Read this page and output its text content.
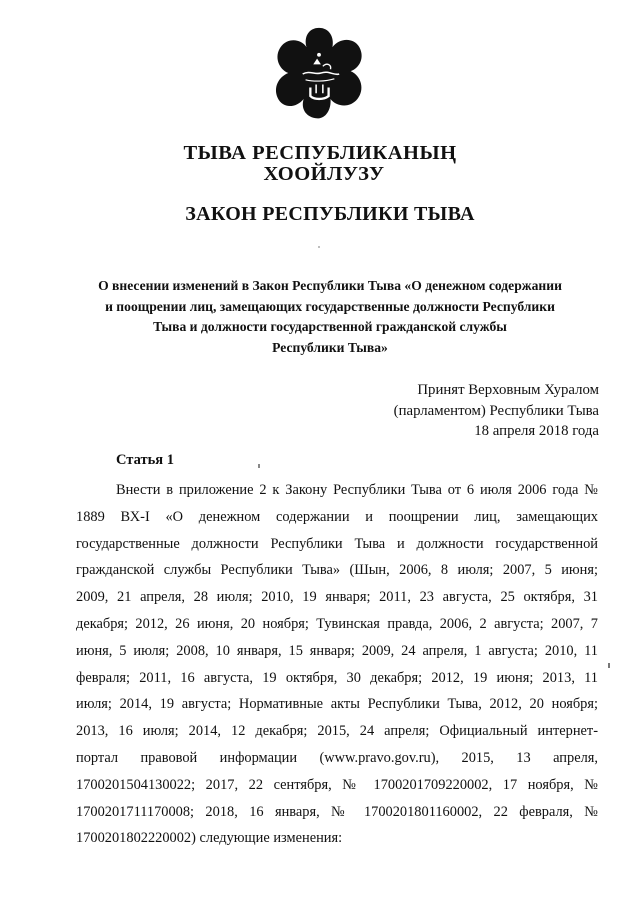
ТЫВА РЕСПУБЛИКАНЫҢ
ХООЙЛУЗУ
ЗАКОН РЕСПУБЛИКИ ТЫВА
О внесении изменений в Закон Республики Тыва «О денежном содержании
и поощрении лиц, замещающих государственные должности Республики
Тыва и должности государственной гражданской службы
Республики Тыва»
Принят Верховным Хуралом
(парламентом) Республики Тыва
18 апреля 2018 года
Статья 1
Внести в приложение 2 к Закону Республики Тыва от 6 июля 2006 года №
1889 ВХ-I «О денежном содержании и поощрении лиц, замещающих
государственные должности Республики Тыва и должности государственной
гражданской службы Республики Тыва» (Шын, 2006, 8 июля; 2007, 5 июня;
2009, 21 апреля, 28 июля; 2010, 19 января; 2011, 23 августа, 25 октября, 31
декабря; 2012, 26 июня, 20 ноября; Тувинская правда, 2006, 2 августа; 2007, 7
июня, 5 июля; 2008, 10 января, 15 января; 2009, 24 апреля, 1 августа; 2010, 11
февраля; 2011, 16 августа, 19 октября, 30 декабря; 2012, 19 июня; 2013, 11
июля; 2014, 19 августа; Нормативные акты Республики Тыва, 2012, 20 ноября;
2013, 16 июля; 2014, 12 декабря; 2015, 24 апреля; Официальный интернет-
портал правовой информации (www.pravo.gov.ru), 2015, 13 апреля,
1700201504130022; 2017, 22 сентября, № 1700201709220002, 17 ноября, №
1700201711170008; 2018, 16 января, № 1700201801160002, 22 февраля, №
1700201802220002) следующие изменения:
